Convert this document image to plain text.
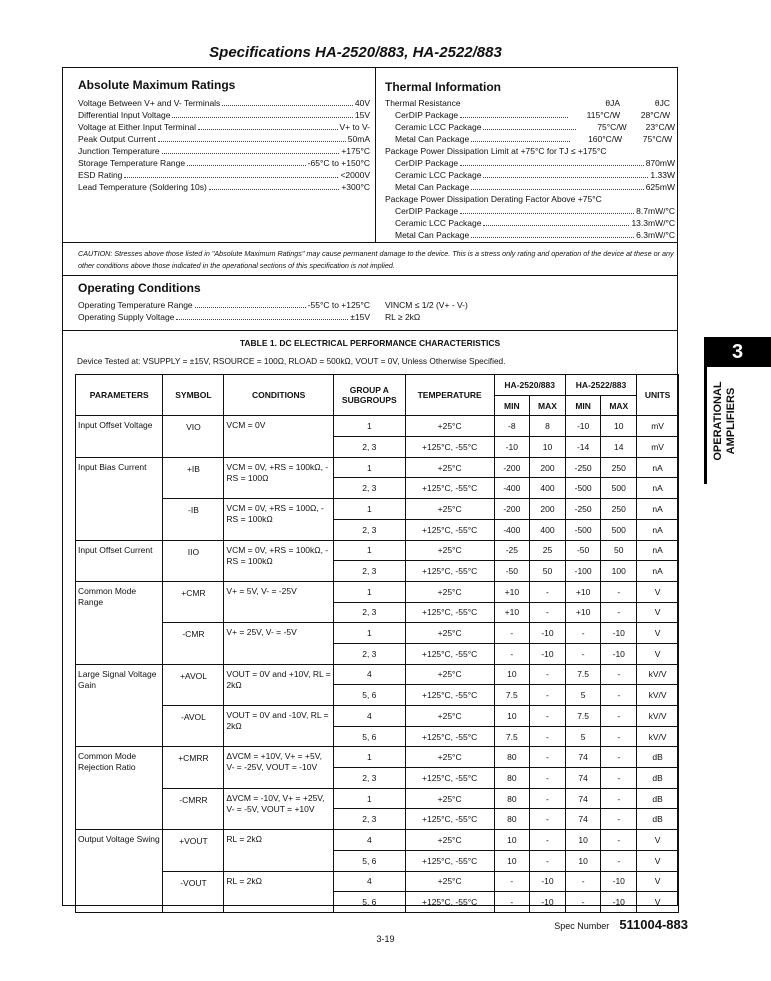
Specifications HA-2520/883, HA-2522/883
Absolute Maximum Ratings
Voltage Between V+ and V- Terminals	40V
Differential Input Voltage	15V
Voltage at Either Input Terminal	V+ to V-
Peak Output Current	50mA
Junction Temperature	+175°C
Storage Temperature Range	-65°C to +150°C
ESD Rating	<2000V
Lead Temperature (Soldering 10s)	+300°C
Thermal Information
Thermal Resistance	θJA	θJC
CerDIP Package	115°C/W	28°C/W
Ceramic LCC Package	75°C/W	23°C/W
Metal Can Package	160°C/W	75°C/W
Package Power Dissipation Limit at +75°C for TJ ≤ +175°C
CerDIP Package	870mW
Ceramic LCC Package	1.33W
Metal Can Package	625mW
Package Power Dissipation Derating Factor Above +75°C
CerDIP Package	8.7mW/°C
Ceramic LCC Package	13.3mW/°C
Metal Can Package	6.3mW/°C
CAUTION: Stresses above those listed in "Absolute Maximum Ratings" may cause permanent damage to the device. This is a stress only rating and operation of the device at these or any other conditions above those indicated in the operational sections of this specification is not implied.
Operating Conditions
Operating Temperature Range	-55°C to +125°C VINCM ≤ 1/2 (V+ - V-)
Operating Supply Voltage	±15V RL ≥ 2kΩ
TABLE 1. DC ELECTRICAL PERFORMANCE CHARACTERISTICS
Device Tested at: VSUPPLY = ±15V, RSOURCE = 100Ω, RLOAD = 500kΩ, VOUT = 0V, Unless Otherwise Specified.
PARAMETERS	SYMBOL	CONDITIONS	GROUP A SUBGROUPS	TEMPERATURE	HA-2520/883		HA-2522/883		UNITS
					MIN	MAX	MIN	MAX	
Input Offset Voltage	VIO	VCM = 0V	1	+25°C	-8	8	-10	10	mV
			2, 3	+125°C, -55°C	-10	10	-14	14	mV
Input Bias Current	+IB	VCM = 0V, +RS = 100kΩ, -RS = 100Ω	1	+25°C	-200	200	-250	250	nA
			2, 3	+125°C, -55°C	-400	400	-500	500	nA
	-IB	VCM = 0V, +RS = 100Ω, -RS = 100kΩ	1	+25°C	-200	200	-250	250	nA
			2, 3	+125°C, -55°C	-400	400	-500	500	nA
Input Offset Current	IIO	VCM = 0V, +RS = 100kΩ, -RS = 100kΩ	1	+25°C	-25	25	-50	50	nA
			2, 3	+125°C, -55°C	-50	50	-100	100	nA
Common Mode Range	+CMR	V+ = 5V, V- = -25V	1	+25°C	+10	-	+10	-	V
			2, 3	+125°C, -55°C	+10	-	+10	-	V
	-CMR	V+ = 25V, V- = -5V	1	+25°C	-	-10	-	-10	V
			2, 3	+125°C, -55°C	-	-10	-	-10	V
Large Signal Voltage Gain	+AVOL	VOUT = 0V and +10V, RL = 2kΩ	4	+25°C	10	-	7.5	-	kV/V
			5, 6	+125°C, -55°C	7.5	-	5	-	kV/V
	-AVOL	VOUT = 0V and -10V, RL = 2kΩ	4	+25°C	10	-	7.5	-	kV/V
			5, 6	+125°C, -55°C	7.5	-	5	-	kV/V
Common Mode Rejection Ratio	+CMRR	ΔVCM = +10V, V+ = +5V, V- = -25V, VOUT = -10V	1	+25°C	80	-	74	-	dB
			2, 3	+125°C, -55°C	80	-	74	-	dB
	-CMRR	ΔVCM = -10V, V+ = +25V, V- = -5V, VOUT = +10V	1	+25°C	80	-	74	-	dB
			2, 3	+125°C, -55°C	80	-	74	-	dB
Output Voltage Swing	+VOUT	RL = 2kΩ	4	+25°C	10	-	10	-	V
			5, 6	+125°C, -55°C	10	-	10	-	V
	-VOUT	RL = 2kΩ	4	+25°C	-	-10	-	-10	V
			5, 6	+125°C, -55°C	-	-10	-	-10	V
3
OPERATIONAL AMPLIFIERS
Spec Number 511004-883
3-19
